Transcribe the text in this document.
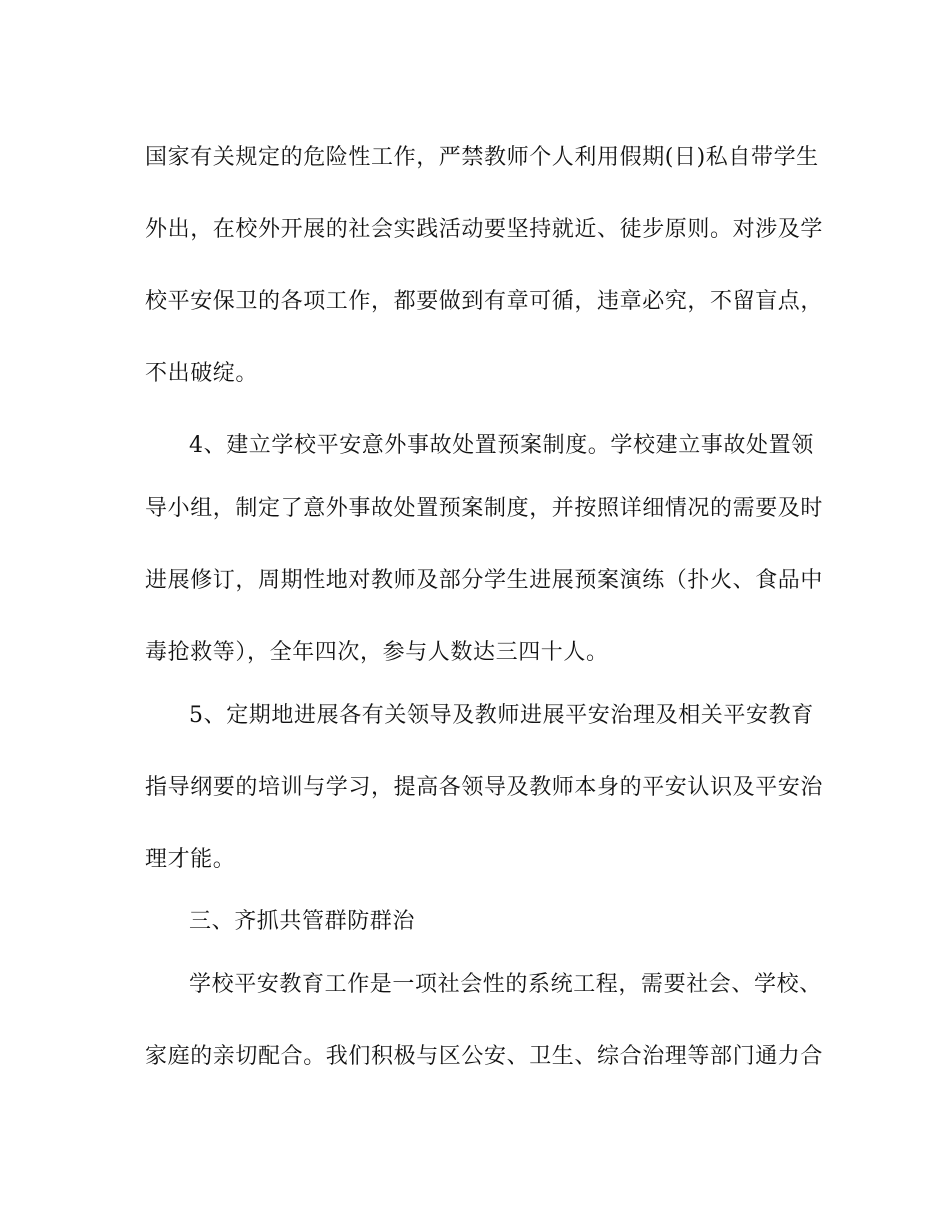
国家有关规定的危险性工作，严禁教师个人利用假期(日)私自带学生
外出，在校外开展的社会实践活动要坚持就近、徒步原则。对涉及学
校平安保卫的各项工作，都要做到有章可循，违章必究，不留盲点，
不出破绽。
4、建立学校平安意外事故处置预案制度。学校建立事故处置领
导小组，制定了意外事故处置预案制度，并按照详细情况的需要及时
进展修订，周期性地对教师及部分学生进展预案演练（扑火、食品中
毒抢救等），全年四次，参与人数达三四十人。
5、定期地进展各有关领导及教师进展平安治理及相关平安教育
指导纲要的培训与学习，提高各领导及教师本身的平安认识及平安治
理才能。
三、齐抓共管群防群治
学校平安教育工作是一项社会性的系统工程，需要社会、学校、
家庭的亲切配合。我们积极与区公安、卫生、综合治理等部门通力合
